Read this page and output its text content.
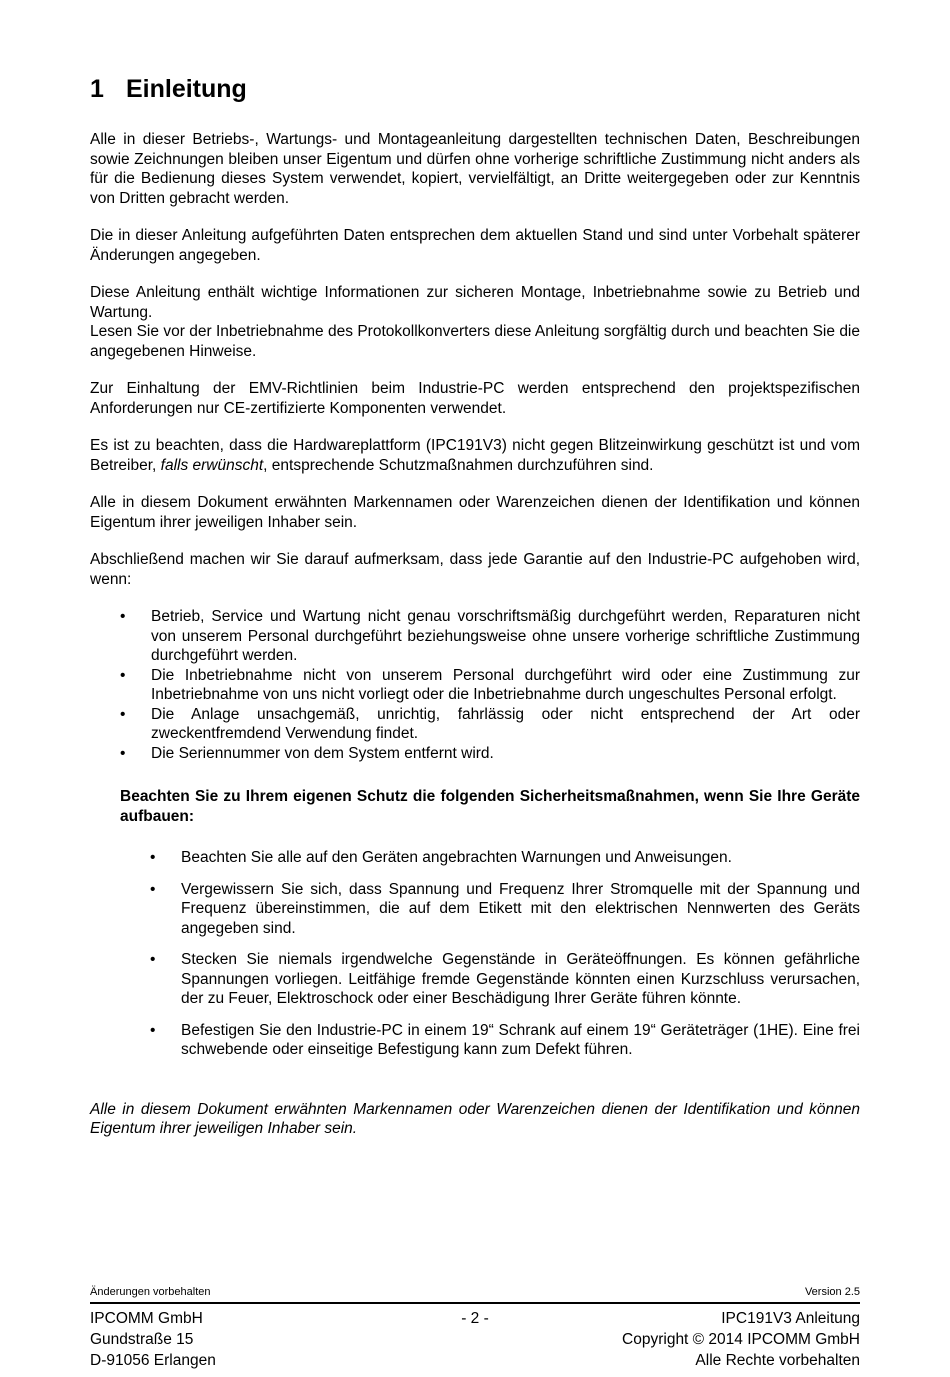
1 Einleitung

Alle in dieser Betriebs-, Wartungs- und Montageanleitung dargestellten technischen Daten, Beschreibungen sowie Zeichnungen bleiben unser Eigentum und dürfen ohne vorherige schriftliche Zustimmung nicht anders als für die Bedienung dieses System verwendet, kopiert, vervielfältigt, an Dritte weitergegeben oder zur Kenntnis von Dritten gebracht werden.

Die in dieser Anleitung aufgeführten Daten entsprechen dem aktuellen Stand und sind unter Vorbehalt späterer Änderungen angegeben.

Diese Anleitung enthält wichtige Informationen zur sicheren Montage, Inbetriebnahme sowie zu Betrieb und Wartung.

Lesen Sie vor der Inbetriebnahme des Protokollkonverters diese Anleitung sorgfältig durch und beachten Sie die angegebenen Hinweise.

Zur Einhaltung der EMV-Richtlinien beim Industrie-PC werden entsprechend den projektspezifischen Anforderungen nur CE-zertifizierte Komponenten verwendet.

Es ist zu beachten, dass die Hardwareplattform (IPC191V3) nicht gegen Blitzeinwirkung geschützt ist und vom Betreiber, falls erwünscht, entsprechende Schutzmaßnahmen durchzuführen sind.

Alle in diesem Dokument erwähnten Markennamen oder Warenzeichen dienen der Identifikation und können Eigentum ihrer jeweiligen Inhaber sein.

Abschließend machen wir Sie darauf aufmerksam, dass jede Garantie auf den Industrie-PC aufgehoben wird, wenn:

•	Betrieb, Service und Wartung nicht genau vorschriftsmäßig durchgeführt werden, Reparaturen nicht von unserem Personal durchgeführt beziehungsweise ohne unsere vorherige schriftliche Zustimmung durchgeführt werden.
•	Die Inbetriebnahme nicht von unserem Personal durchgeführt wird oder eine Zustimmung zur Inbetriebnahme von uns nicht vorliegt oder die Inbetriebnahme durch ungeschultes Personal erfolgt.
•	Die Anlage unsachgemäß, unrichtig, fahrlässig oder nicht entsprechend der Art oder zweckentfremdend Verwendung findet.
•	Die Seriennummer von dem System entfernt wird.

Beachten Sie zu Ihrem eigenen Schutz die folgenden Sicherheitsmaßnahmen, wenn Sie Ihre Geräte aufbauen:

•	Beachten Sie alle auf den Geräten angebrachten Warnungen und Anweisungen.
•	Vergewissern Sie sich, dass Spannung und Frequenz Ihrer Stromquelle mit der Spannung und Frequenz übereinstimmen, die auf dem Etikett mit den elektrischen Nennwerten des Geräts angegeben sind.
•	Stecken Sie niemals irgendwelche Gegenstände in Geräteöffnungen. Es können gefährliche Spannungen vorliegen. Leitfähige fremde Gegenstände könnten einen Kurzschluss verursachen, der zu Feuer, Elektroschock oder einer Beschädigung Ihrer Geräte führen könnte.
•	Befestigen Sie den Industrie-PC in einem 19“ Schrank auf einem 19“ Geräteträger (1HE). Eine frei schwebende oder einseitige Befestigung kann zum Defekt führen.

Alle in diesem Dokument erwähnten Markennamen oder Warenzeichen dienen der Identifikation und können Eigentum ihrer jeweiligen Inhaber sein.

Änderungen vorbehalten	Version 2.5
IPCOMM GmbH
Gundstraße 15
D-91056 Erlangen
- 2 -	IPC191V3 Anleitung
Copyright © 2014 IPCOMM GmbH
Alle Rechte vorbehalten
